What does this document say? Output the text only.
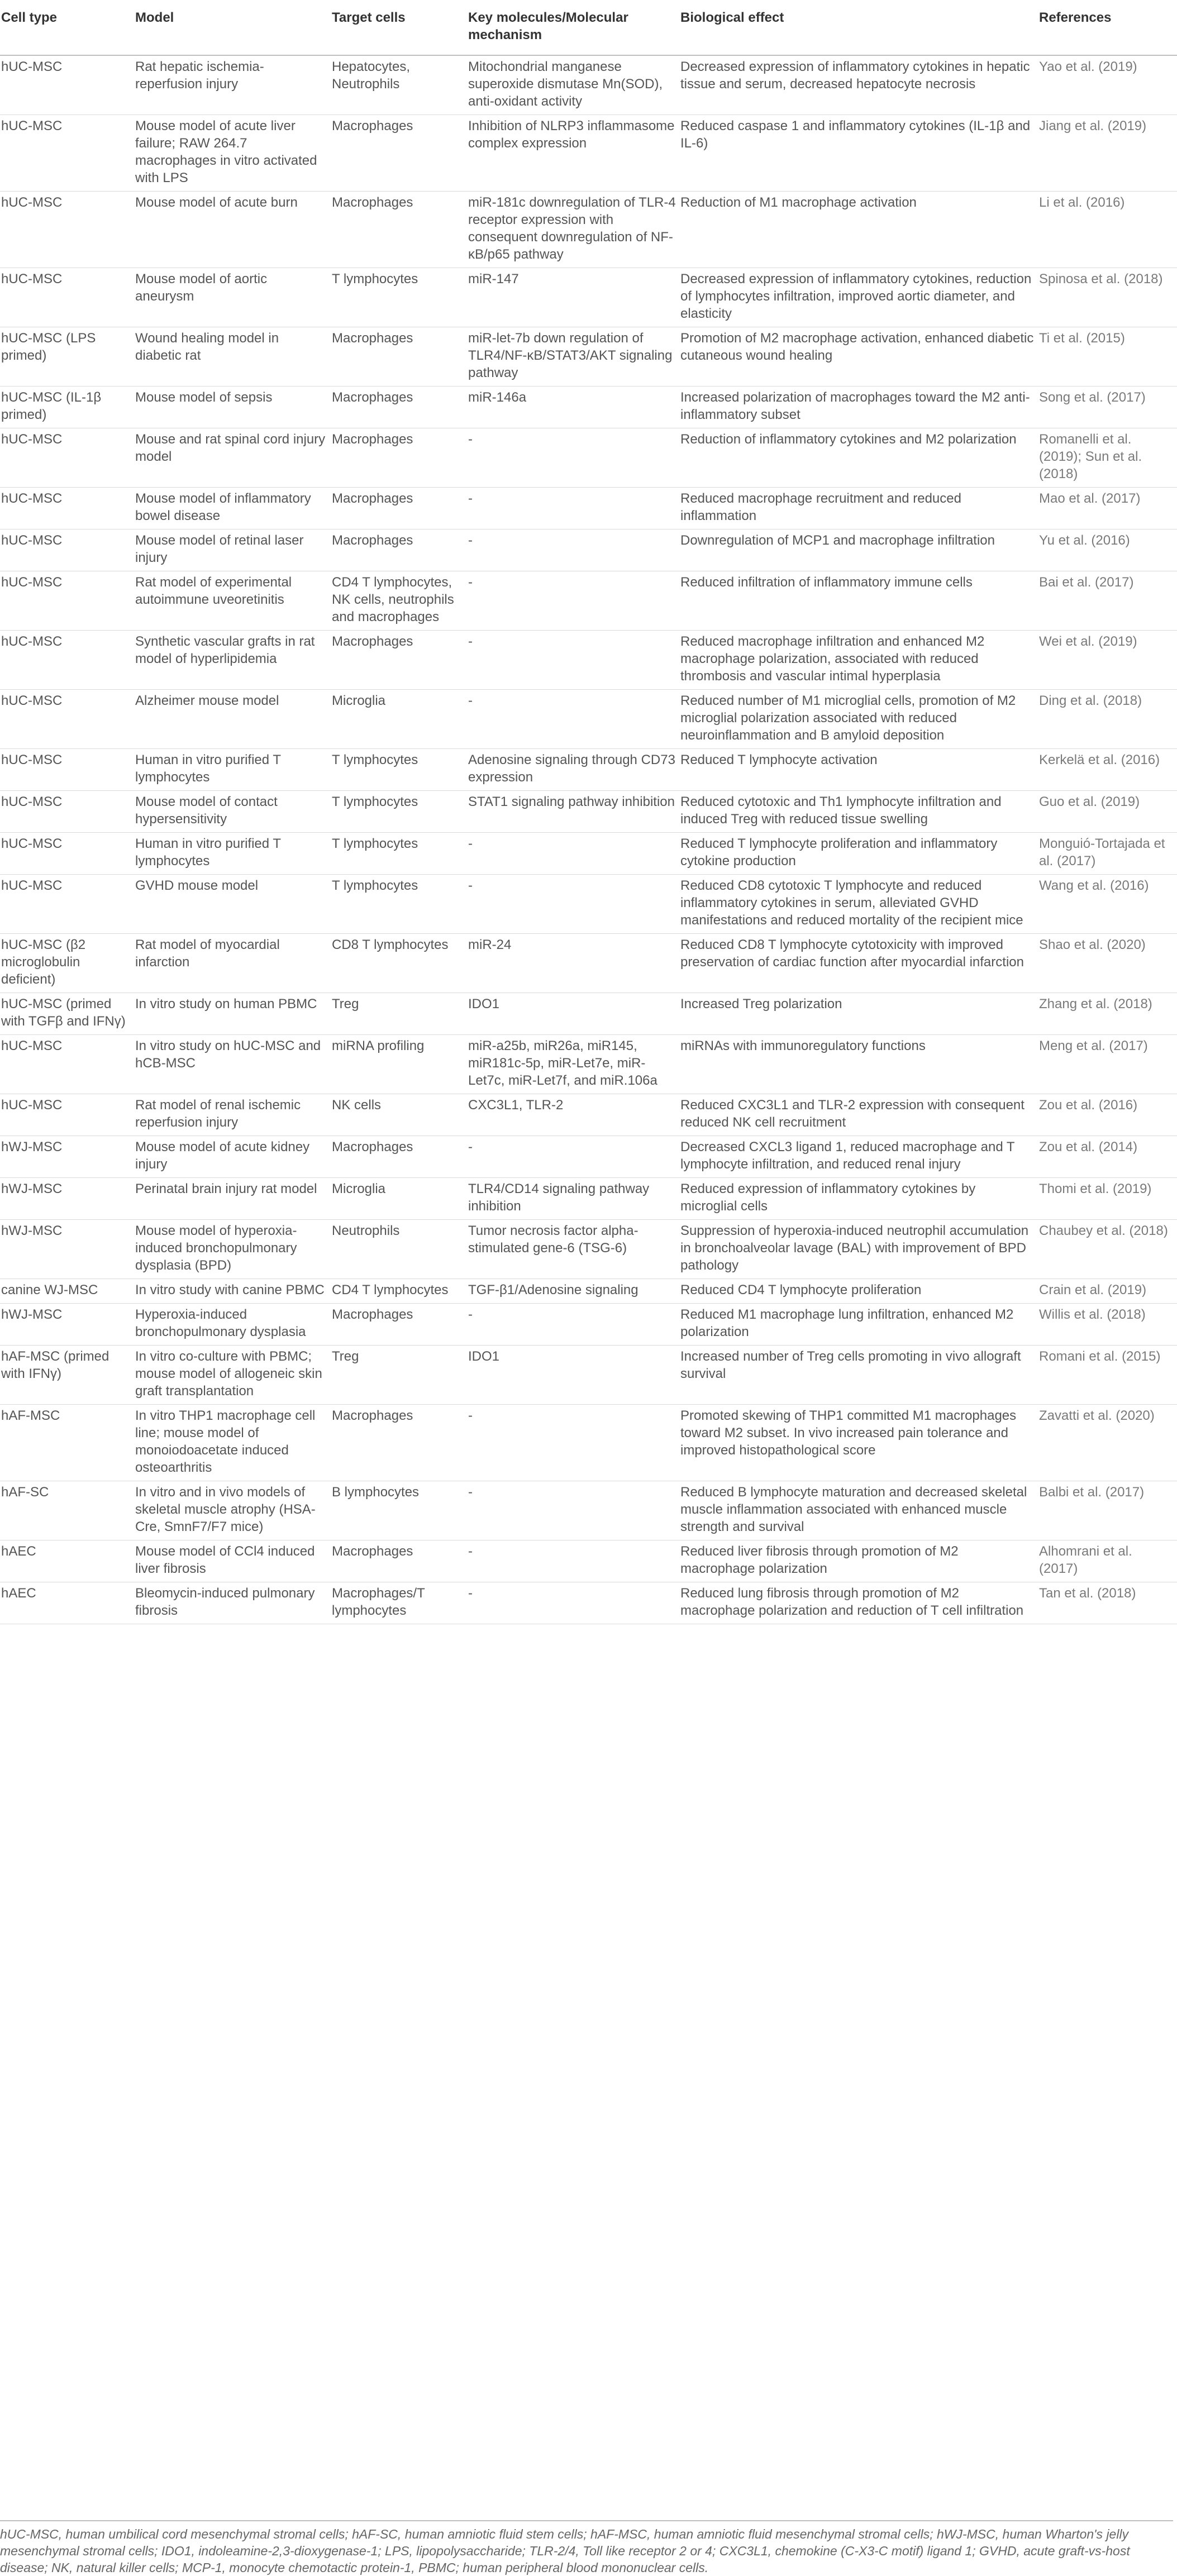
Cell type	Model	Target cells	Key molecules/Molecular mechanism	Biological effect	References
hUC-MSC	Rat hepatic ischemia-reperfusion injury	Hepatocytes, Neutrophils	Mitochondrial manganese superoxide dismutase Mn(SOD), anti-oxidant activity	Decreased expression of inflammatory cytokines in hepatic tissue and serum, decreased hepatocyte necrosis	Yao et al. (2019)
hUC-MSC	Mouse model of acute liver failure; RAW 264.7 macrophages in vitro activated with LPS	Macrophages	Inhibition of NLRP3 inflammasome complex expression	Reduced caspase 1 and inflammatory cytokines (IL-1β and IL-6)	Jiang et al. (2019)
hUC-MSC	Mouse model of acute burn	Macrophages	miR-181c downregulation of TLR-4 receptor expression with consequent downregulation of NF-κB/p65 pathway	Reduction of M1 macrophage activation	Li et al. (2016)
hUC-MSC	Mouse model of aortic aneurysm	T lymphocytes	miR-147	Decreased expression of inflammatory cytokines, reduction of lymphocytes infiltration, improved aortic diameter, and elasticity	Spinosa et al. (2018)
hUC-MSC (LPS primed)	Wound healing model in diabetic rat	Macrophages	miR-let-7b down regulation of TLR4/NF-κB/STAT3/AKT signaling pathway	Promotion of M2 macrophage activation, enhanced diabetic cutaneous wound healing	Ti et al. (2015)
hUC-MSC (IL-1β primed)	Mouse model of sepsis	Macrophages	miR-146a	Increased polarization of macrophages toward the M2 anti-inflammatory subset	Song et al. (2017)
hUC-MSC	Mouse and rat spinal cord injury model	Macrophages	-	Reduction of inflammatory cytokines and M2 polarization	Romanelli et al. (2019); Sun et al. (2018)
hUC-MSC	Mouse model of inflammatory bowel disease	Macrophages	-	Reduced macrophage recruitment and reduced inflammation	Mao et al. (2017)
hUC-MSC	Mouse model of retinal laser injury	Macrophages	-	Downregulation of MCP1 and macrophage infiltration	Yu et al. (2016)
hUC-MSC	Rat model of experimental autoimmune uveoretinitis	CD4 T lymphocytes, NK cells, neutrophils and macrophages	-	Reduced infiltration of inflammatory immune cells	Bai et al. (2017)
hUC-MSC	Synthetic vascular grafts in rat model of hyperlipidemia	Macrophages	-	Reduced macrophage infiltration and enhanced M2 macrophage polarization, associated with reduced thrombosis and vascular intimal hyperplasia	Wei et al. (2019)
hUC-MSC	Alzheimer mouse model	Microglia	-	Reduced number of M1 microglial cells, promotion of M2 microglial polarization associated with reduced neuroinflammation and B amyloid deposition	Ding et al. (2018)
hUC-MSC	Human in vitro purified T lymphocytes	T lymphocytes	Adenosine signaling through CD73 expression	Reduced T lymphocyte activation	Kerkelä et al. (2016)
hUC-MSC	Mouse model of contact hypersensitivity	T lymphocytes	STAT1 signaling pathway inhibition	Reduced cytotoxic and Th1 lymphocyte infiltration and induced Treg with reduced tissue swelling	Guo et al. (2019)
hUC-MSC	Human in vitro purified T lymphocytes	T lymphocytes	-	Reduced T lymphocyte proliferation and inflammatory cytokine production	Monguió-Tortajada et al. (2017)
hUC-MSC	GVHD mouse model	T lymphocytes	-	Reduced CD8 cytotoxic T lymphocyte and reduced inflammatory cytokines in serum, alleviated GVHD manifestations and reduced mortality of the recipient mice	Wang et al. (2016)
hUC-MSC (β2 microglobulin deficient)	Rat model of myocardial infarction	CD8 T lymphocytes	miR-24	Reduced CD8 T lymphocyte cytotoxicity with improved preservation of cardiac function after myocardial infarction	Shao et al. (2020)
hUC-MSC (primed with TGFβ and IFNγ)	In vitro study on human PBMC	Treg	IDO1	Increased Treg polarization	Zhang et al. (2018)
hUC-MSC	In vitro study on hUC-MSC and hCB-MSC	miRNA profiling	miR-a25b, miR26a, miR145, miR181c-5p, miR-Let7e, miR-Let7c, miR-Let7f, and miR.106a	miRNAs with immunoregulatory functions	Meng et al. (2017)
hUC-MSC	Rat model of renal ischemic reperfusion injury	NK cells	CXC3L1, TLR-2	Reduced CXC3L1 and TLR-2 expression with consequent reduced NK cell recruitment	Zou et al. (2016)
hWJ-MSC	Mouse model of acute kidney injury	Macrophages	-	Decreased CXCL3 ligand 1, reduced macrophage and T lymphocyte infiltration, and reduced renal injury	Zou et al. (2014)
hWJ-MSC	Perinatal brain injury rat model	Microglia	TLR4/CD14 signaling pathway inhibition	Reduced expression of inflammatory cytokines by microglial cells	Thomi et al. (2019)
hWJ-MSC	Mouse model of hyperoxia-induced bronchopulmonary dysplasia (BPD)	Neutrophils	Tumor necrosis factor alpha-stimulated gene-6 (TSG-6)	Suppression of hyperoxia-induced neutrophil accumulation in bronchoalveolar lavage (BAL) with improvement of BPD pathology	Chaubey et al. (2018)
canine WJ-MSC	In vitro study with canine PBMC	CD4 T lymphocytes	TGF-β1/Adenosine signaling	Reduced CD4 T lymphocyte proliferation	Crain et al. (2019)
hWJ-MSC	Hyperoxia-induced bronchopulmonary dysplasia	Macrophages	-	Reduced M1 macrophage lung infiltration, enhanced M2 polarization	Willis et al. (2018)
hAF-MSC (primed with IFNγ)	In vitro co-culture with PBMC; mouse model of allogeneic skin graft transplantation	Treg	IDO1	Increased number of Treg cells promoting in vivo allograft survival	Romani et al. (2015)
hAF-MSC	In vitro THP1 macrophage cell line; mouse model of monoiodoacetate induced osteoarthritis	Macrophages	-	Promoted skewing of THP1 committed M1 macrophages toward M2 subset. In vivo increased pain tolerance and improved histopathological score	Zavatti et al. (2020)
hAF-SC	In vitro and in vivo models of skeletal muscle atrophy (HSA-Cre, SmnF7/F7 mice)	B lymphocytes	-	Reduced B lymphocyte maturation and decreased skeletal muscle inflammation associated with enhanced muscle strength and survival	Balbi et al. (2017)
hAEC	Mouse model of CCl4 induced liver fibrosis	Macrophages	-	Reduced liver fibrosis through promotion of M2 macrophage polarization	Alhomrani et al. (2017)
hAEC	Bleomycin-induced pulmonary fibrosis	Macrophages/T lymphocytes	-	Reduced lung fibrosis through promotion of M2 macrophage polarization and reduction of T cell infiltration	Tan et al. (2018)
hUC-MSC, human umbilical cord mesenchymal stromal cells; hAF-SC, human amniotic fluid stem cells; hAF-MSC, human amniotic fluid mesenchymal stromal cells; hWJ-MSC, human Wharton's jelly mesenchymal stromal cells; IDO1, indoleamine-2,3-dioxygenase-1; LPS, lipopolysaccharide; TLR-2/4, Toll like receptor 2 or 4; CXC3L1, chemokine (C-X3-C motif) ligand 1; GVHD, acute graft-vs-host disease; NK, natural killer cells; MCP-1, monocyte chemotactic protein-1, PBMC; human peripheral blood mononuclear cells.
